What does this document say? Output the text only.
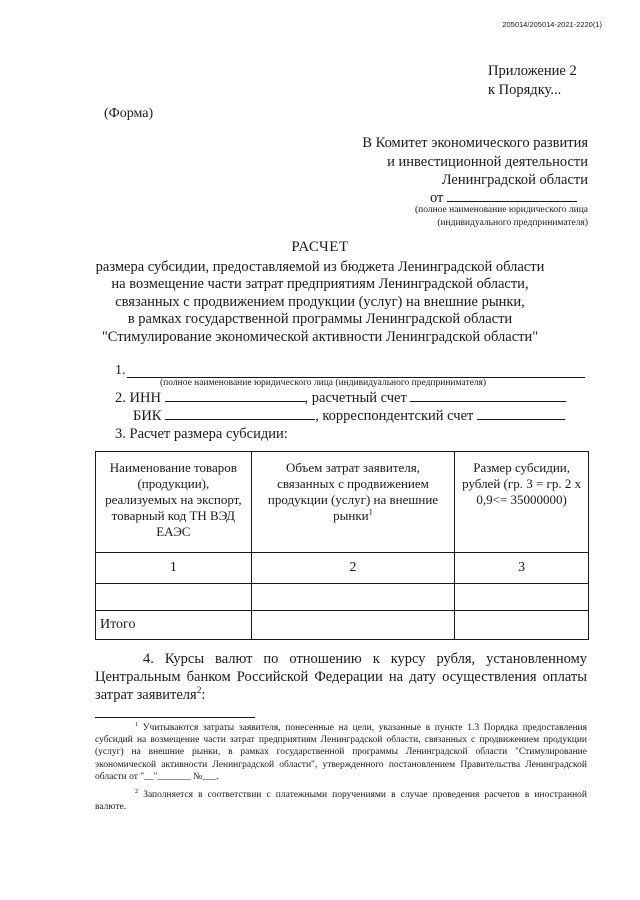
205014/205014-2021-2220(1)
Приложение 2
к Порядку...
(Форма)
В Комитет экономического развития
и инвестиционной деятельности
Ленинградской области
от
(полное наименование юридического лица
(индивидуального предпринимателя)
РАСЧЕТ
размера субсидии, предоставляемой из бюджета Ленинградской области
на возмещение части затрат предприятиям Ленинградской области,
связанных с продвижением продукции (услуг) на внешние рынки,
в рамках государственной программы Ленинградской области
"Стимулирование экономической активности Ленинградской области"
1.
(полное наименование юридического лица (индивидуального предпринимателя)
2. ИНН	, расчетный счет
БИК	, корреспондентский счет
3. Расчет размера субсидии:
Наименование товаров (продукции), реализуемых на экспорт, товарный код ТН ВЭД ЕАЭС	Объем затрат заявителя, связанных с продвижением продукции (услуг) на внешние рынки$^1$	Размер субсидии, рублей (гр. 3 = гр. 2 х 0,9<= 35000000)
1	2	3

Итого		
4. Курсы валют по отношению к курсу рубля, установленному Центральным банком Российской Федерации на дату осуществления оплаты затрат заявителя$^2$:

$^1$ Учитываются затраты заявителя, понесенные на цели, указанные в пункте 1.3 Порядка предоставления субсидий на возмещение части затрат предприятиям Ленинградской области, связанных с продвижением продукции (услуг) на внешние рынки, в рамках государственной программы Ленинградской области "Стимулирование экономической активности Ленинградской области", утвержденного постановлением Правительства Ленинградской области от "__"_______ №___.

$^2$ Заполняется в соответствии с платежными поручениями в случае проведения расчетов в иностранной валюте.
